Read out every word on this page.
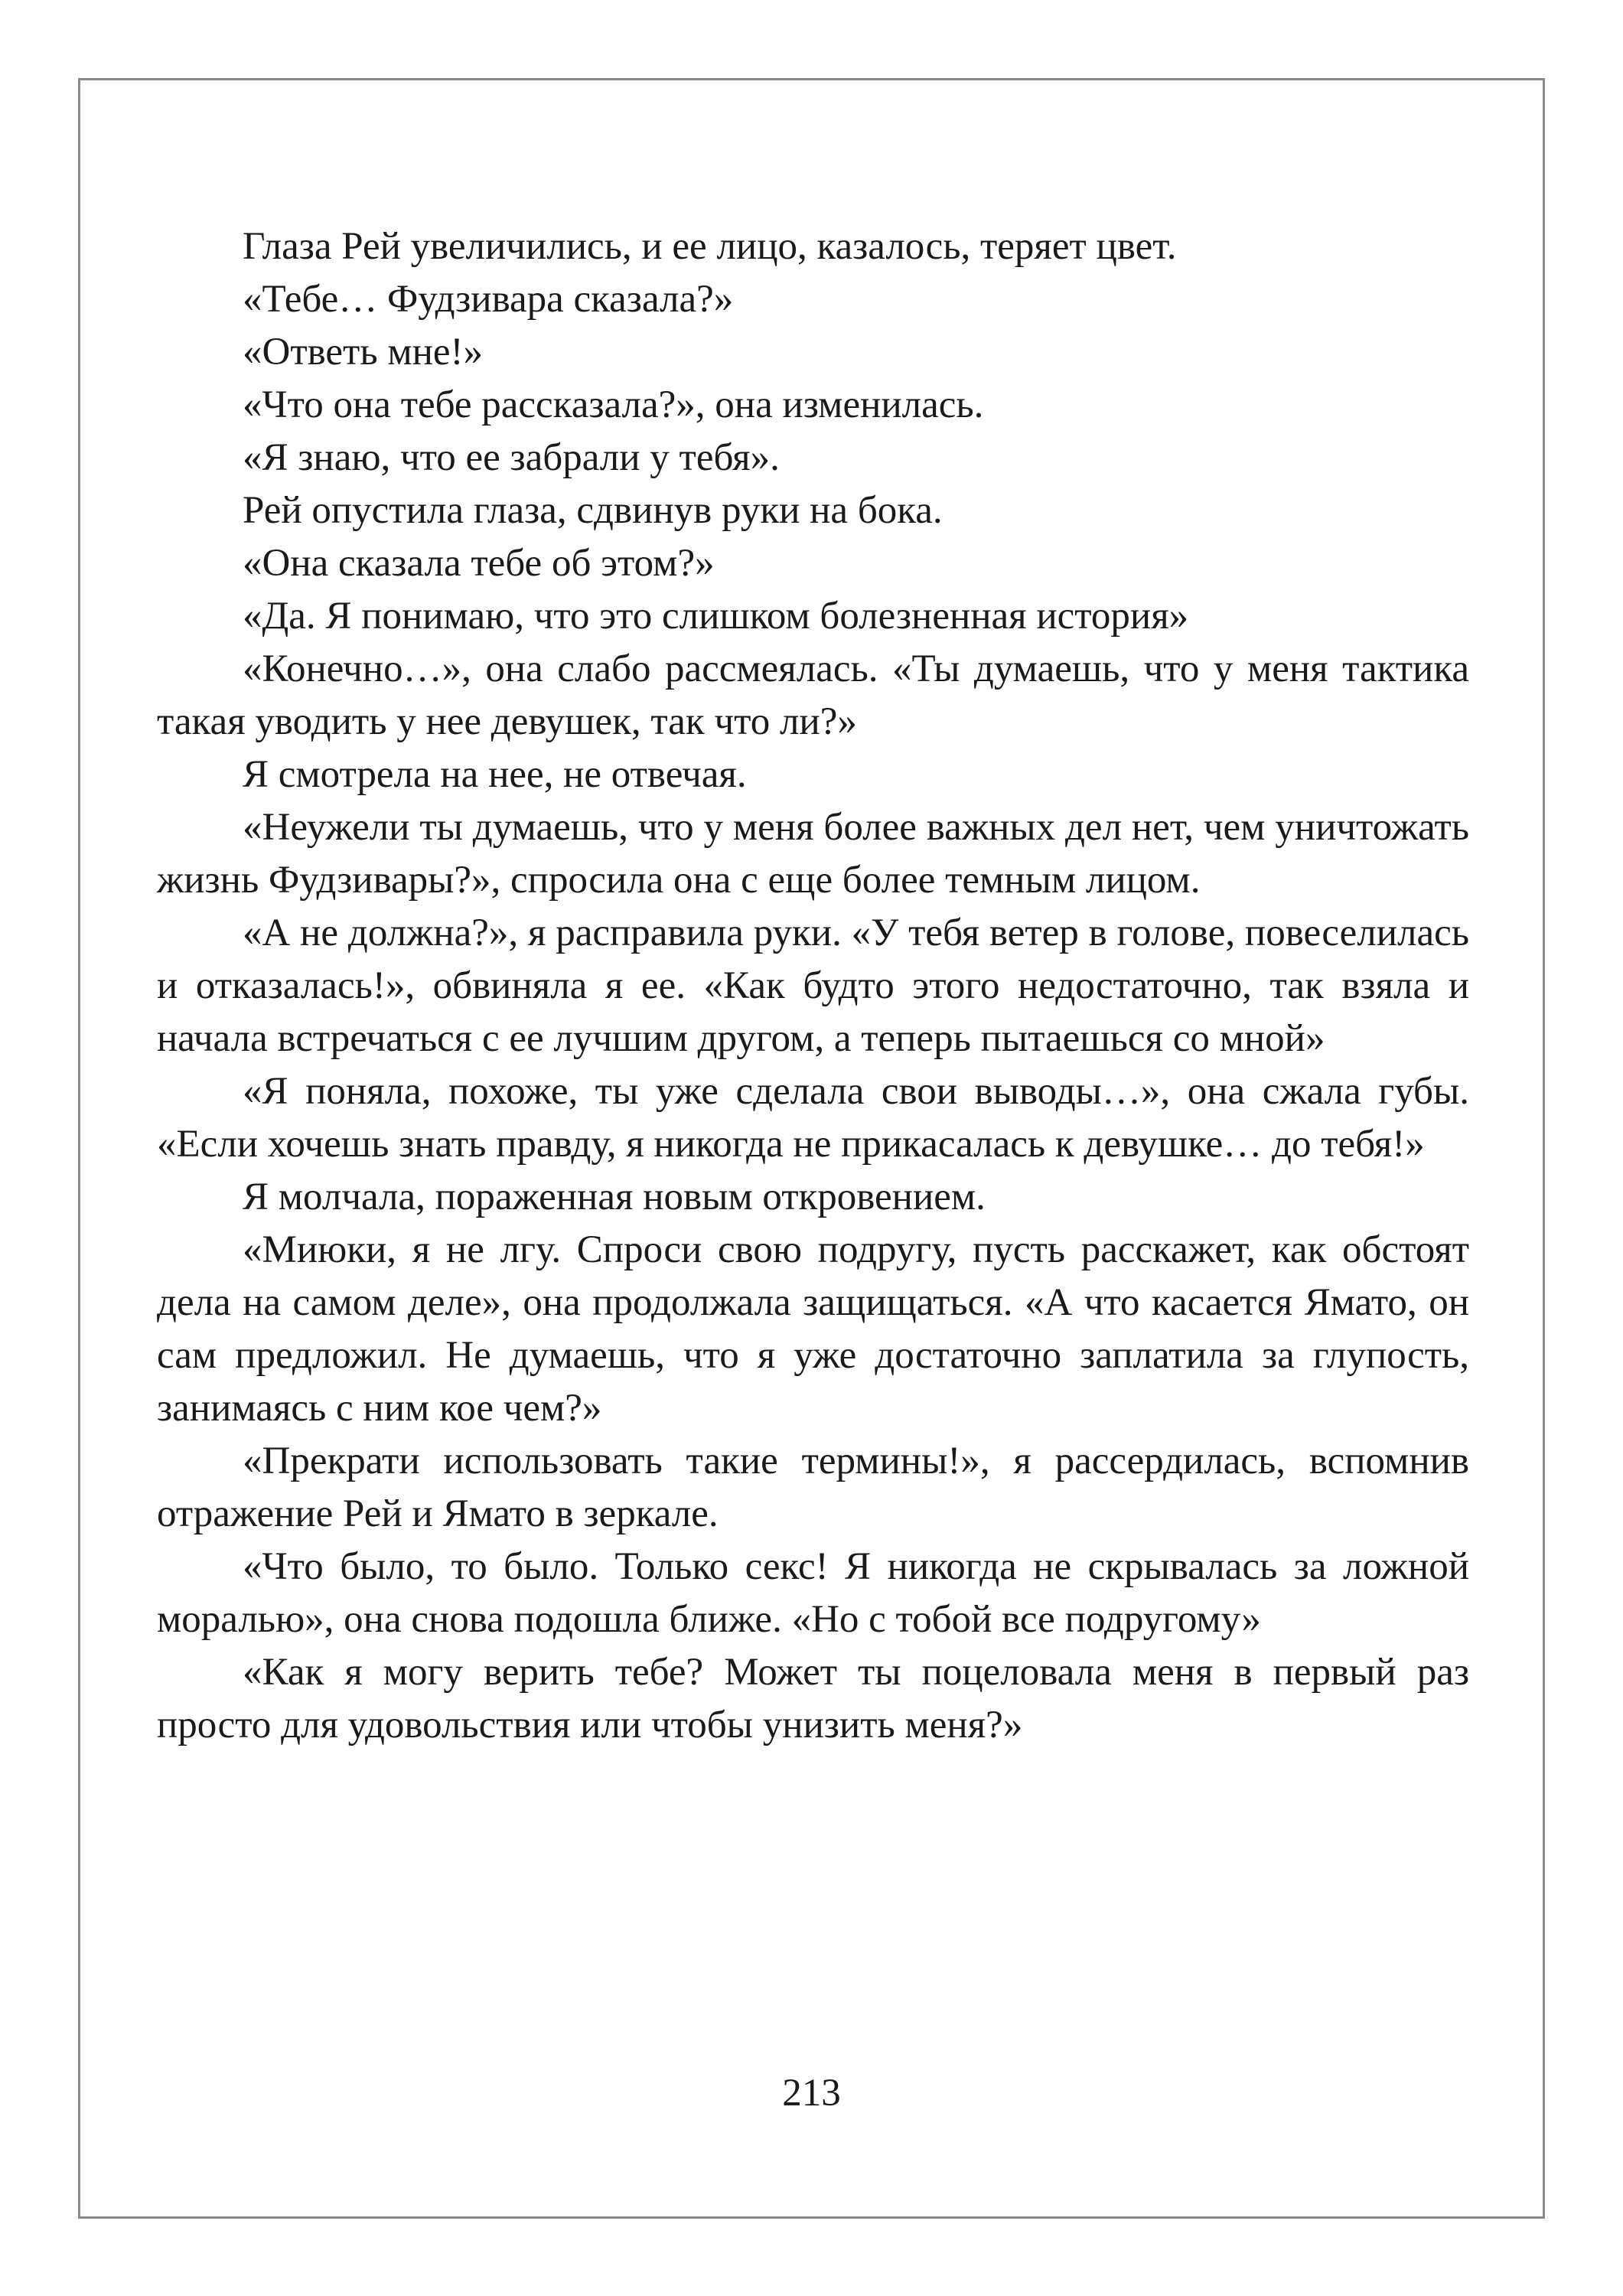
Глаза Рей увеличились, и ее лицо, казалось, теряет цвет.

«Тебе… Фудзивара сказала?»

«Ответь мне!»

«Что она тебе рассказала?», она изменилась.

«Я знаю, что ее забрали у тебя».

Рей опустила глаза, сдвинув руки на бока.

«Она сказала тебе об этом?»

«Да. Я понимаю, что это слишком болезненная история»

«Конечно…», она слабо рассмеялась. «Ты думаешь, что у меня тактика такая уводить у нее девушек, так что ли?»

Я смотрела на нее, не отвечая.

«Неужели ты думаешь, что у меня более важных дел нет, чем уничтожать жизнь Фудзивары?», спросила она с еще более темным лицом.

«А не должна?», я расправила руки. «У тебя ветер в голове, повеселилась и отказалась!», обвиняла я ее. «Как будто этого недостаточно, так взяла и начала встречаться с ее лучшим другом, а теперь пытаешься со мной»

«Я поняла, похоже, ты уже сделала свои выводы…», она сжала губы. «Если хочешь знать правду, я никогда не прикасалась к девушке… до тебя!»

Я молчала, пораженная новым откровением.

«Миюки, я не лгу. Спроси свою подругу, пусть расскажет, как обстоят дела на самом деле», она продолжала защищаться. «А что касается Ямато, он сам предложил. Не думаешь, что я уже достаточно заплатила за глупость, занимаясь с ним кое чем?»

«Прекрати использовать такие термины!», я рассердилась, вспомнив отражение Рей и Ямато в зеркале.

«Что было, то было. Только секс! Я никогда не скрывалась за ложной моралью», она снова подошла ближе. «Но с тобой все подругому»

«Как я могу верить тебе? Может ты поцеловала меня в первый раз просто для удовольствия или чтобы унизить меня?»

213
